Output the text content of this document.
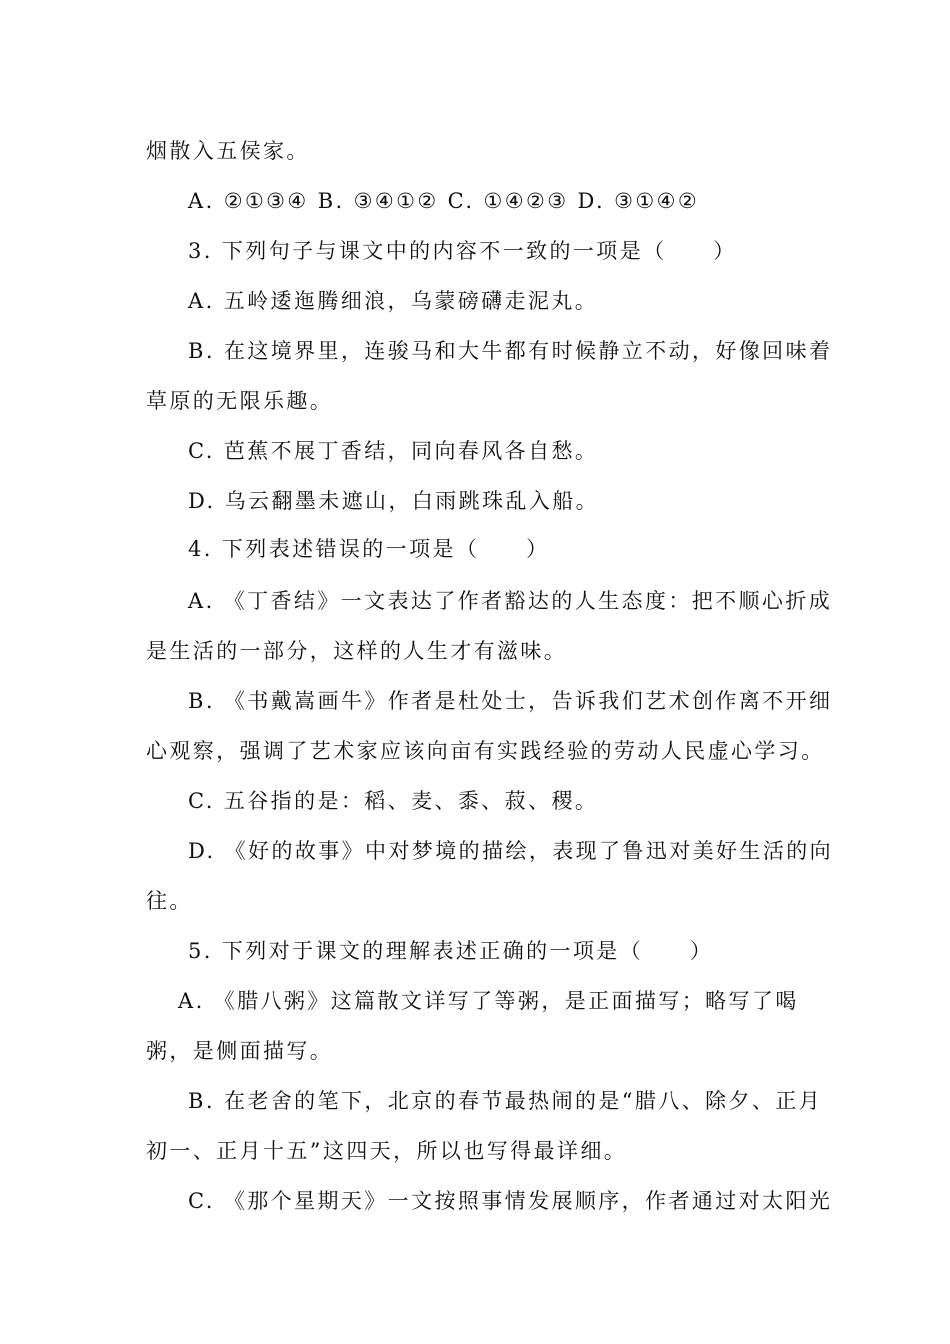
烟散入五侯家。
A. ②①③④ B. ③④①② C. ①④②③ D. ③①④②
3. 下列句子与课文中的内容不一致的一项是（　　）
A. 五岭逶迤腾细浪，乌蒙磅礴走泥丸。
B. 在这境界里，连骏马和大牛都有时候静立不动，好像回味着
草原的无限乐趣。
C. 芭蕉不展丁香结，同向春风各自愁。
D. 乌云翻墨未遮山，白雨跳珠乱入船。
4. 下列表述错误的一项是（　　）
A. 《丁香结》一文表达了作者豁达的人生态度：把不顺心折成
是生活的一部分，这样的人生才有滋味。
B. 《书戴嵩画牛》作者是杜处士，告诉我们艺术创作离不开细
心观察，强调了艺术家应该向亩有实践经验的劳动人民虚心学习。
C. 五谷指的是：稻、麦、黍、菽、稷。
D. 《好的故事》中对梦境的描绘，表现了鲁迅对美好生活的向
往。
5. 下列对于课文的理解表述正确的一项是（　　）
A. 《腊八粥》这篇散文详写了等粥，是正面描写；略写了喝
粥，是侧面描写。
B. 在老舍的笔下，北京的春节最热闹的是“腊八、除夕、正月
初一、正月十五”这四天，所以也写得最详细。
C. 《那个星期天》一文按照事情发展顺序，作者通过对太阳光
